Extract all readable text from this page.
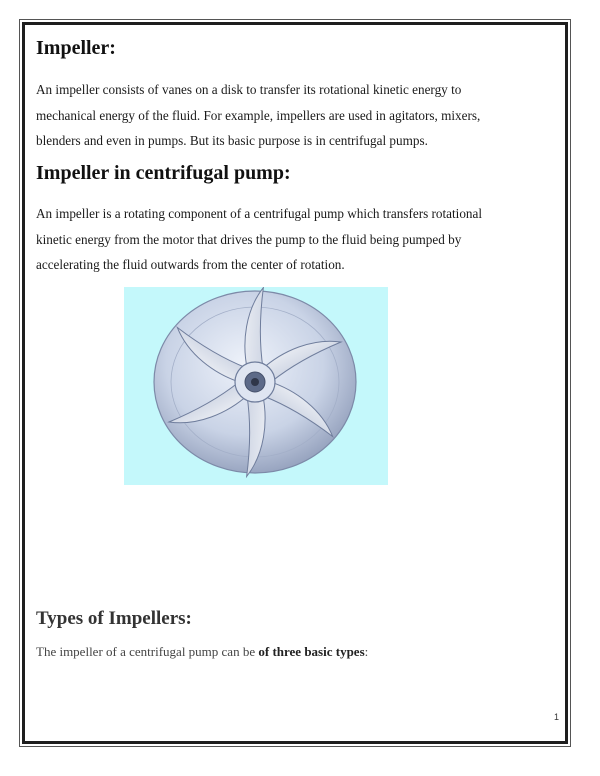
Impeller:

An impeller consists of vanes on a disk to transfer its rotational kinetic energy to
mechanical energy of the fluid. For example, impellers are used in agitators, mixers,
blenders and even in pumps. But its basic purpose is in centrifugal pumps.

Impeller in centrifugal pump:

An impeller is a rotating component of a centrifugal pump which transfers rotational
kinetic energy from the motor that drives the pump to the fluid being pumped by
accelerating the fluid outwards from the center of rotation.

Types of Impellers:

The impeller of a centrifugal pump can be of three basic types:

1
